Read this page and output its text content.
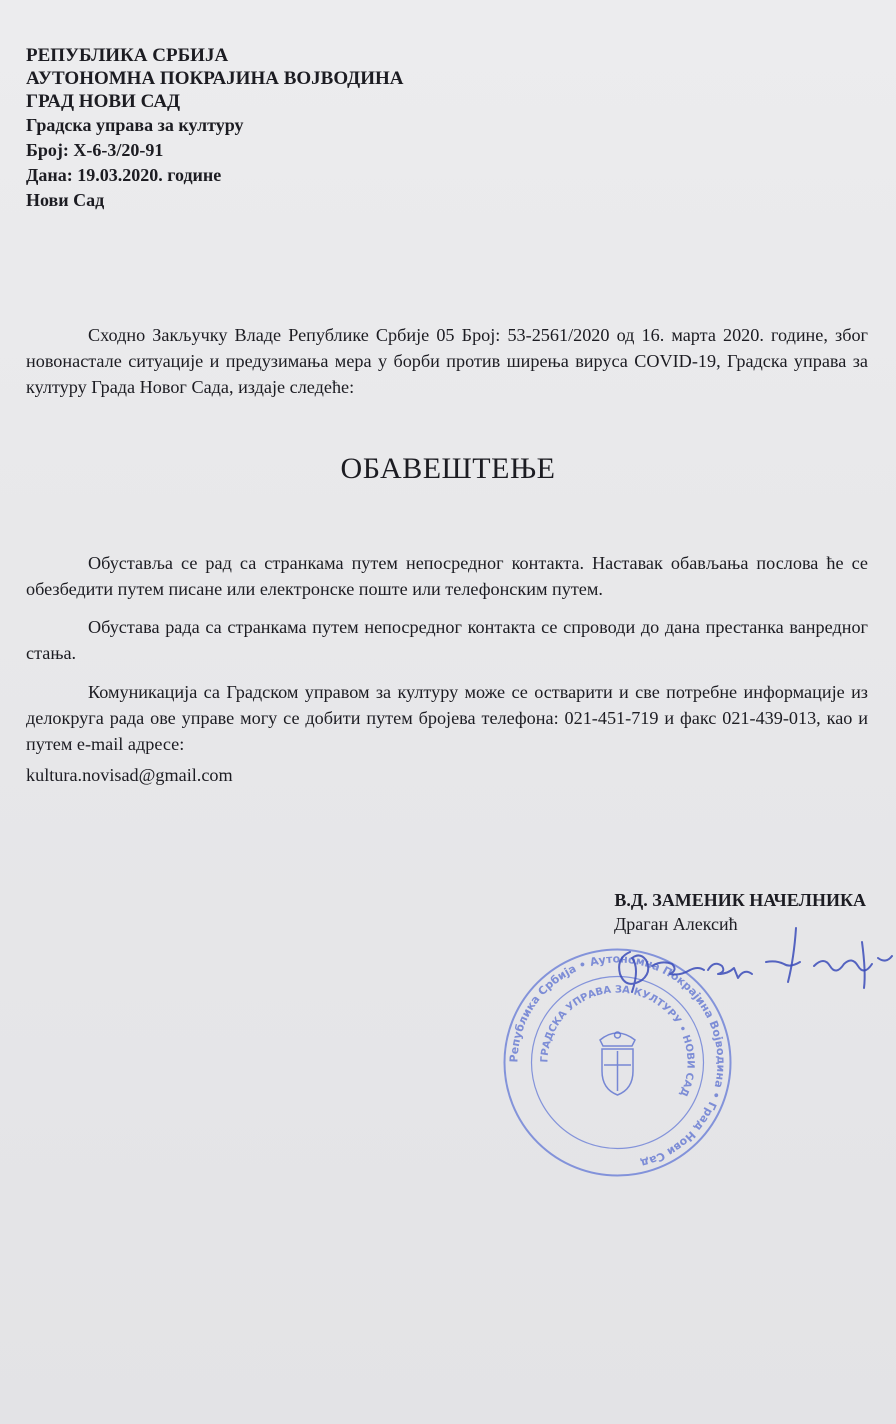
РЕПУБЛИКА СРБИЈА
АУТОНОМНА ПОКРАЈИНА ВОЈВОДИНА
ГРАД НОВИ САД
Градска управа за културу
Број: X-6-3/20-91
Дана: 19.03.2020. године
Нови Сад
Сходно Закључку Владе Републике Србије 05 Број: 53-2561/2020 од 16. марта 2020. године, због новонастале ситуације и предузимања мера у борби против ширења вируса COVID-19, Градска управа за културу Града Новог Сада, издаје следеће:
ОБАВЕШТЕЊЕ
Обуставља се рад са странкама путем непосредног контакта. Наставак обављања послова ће се обезбедити путем писане или електронске поште или телефонским путем.
Обустава рада са странкама путем непосредног контакта се спроводи до дана престанка ванредног стања.
Комуникација са Градском управом за културу може се остварити и све потребне информације из делокруга рада ове управе могу се добити путем бројева телефона: 021-451-719 и факс 021-439-013, као и путем e-mail адресе:
kultura.novisad@gmail.com
В.Д. ЗАМЕНИК НАЧЕЛНИКА
Драган Алексић
Република Србија • Аутономна Покрајина Војводина • Град Нови Сад
ГРАДСКА УПРАВА ЗА КУЛТУРУ • НОВИ САД
